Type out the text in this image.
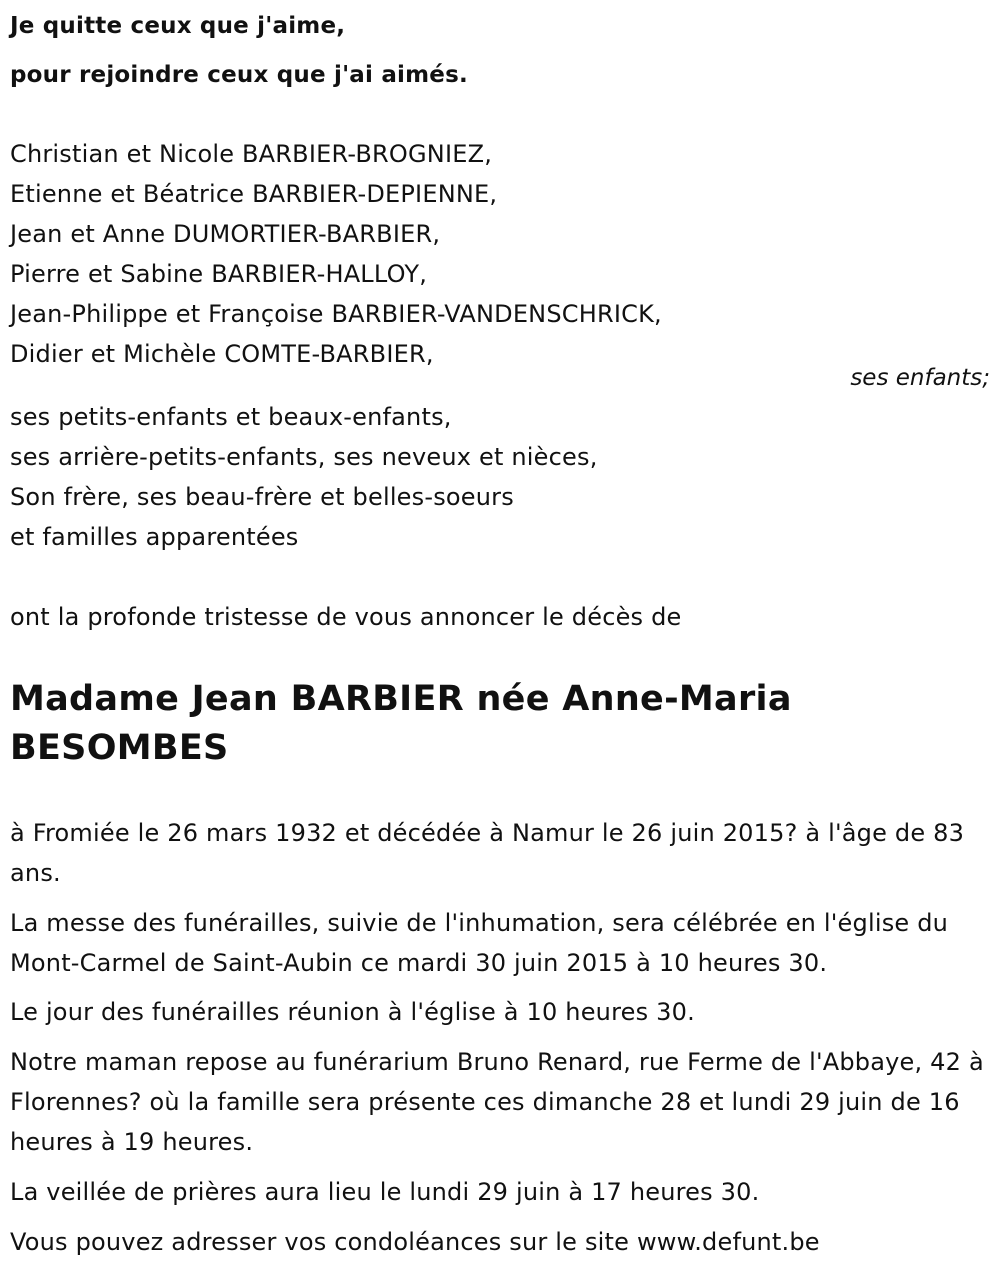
Je quitte ceux que j'aime,
pour rejoindre ceux que j'ai aimés.
Christian et Nicole BARBIER-BROGNIEZ,
Etienne et Béatrice BARBIER-DEPIENNE,
Jean et Anne DUMORTIER-BARBIER,
Pierre et Sabine BARBIER-HALLOY,
Jean-Philippe et Françoise BARBIER-VANDENSCHRICK,
Didier et Michèle COMTE-BARBIER,
ses enfants;
ses petits-enfants et beaux-enfants,
ses arrière-petits-enfants, ses neveux et nièces,
Son frère, ses beau-frère et belles-soeurs
et familles apparentées
ont la profonde tristesse de vous annoncer le décès de
Madame Jean BARBIER née Anne-Maria
BESOMBES
à Fromiée le 26 mars 1932 et décédée à Namur le 26 juin 2015? à l'âge de 83 ans.
La messe des funérailles, suivie de l'inhumation, sera célébrée en l'église du Mont-Carmel de Saint-Aubin ce mardi 30 juin 2015 à 10 heures 30.
Le jour des funérailles réunion à l'église à 10 heures 30.
Notre maman repose au funérarium Bruno Renard, rue Ferme de l'Abbaye, 42 à Florennes? où la famille sera présente ces dimanche 28 et lundi 29 juin de 16 heures à 19 heures.
La veillée de prières aura lieu le lundi 29 juin à 17 heures 30.
Vous pouvez adresser vos condoléances sur le site www.defunt.be
